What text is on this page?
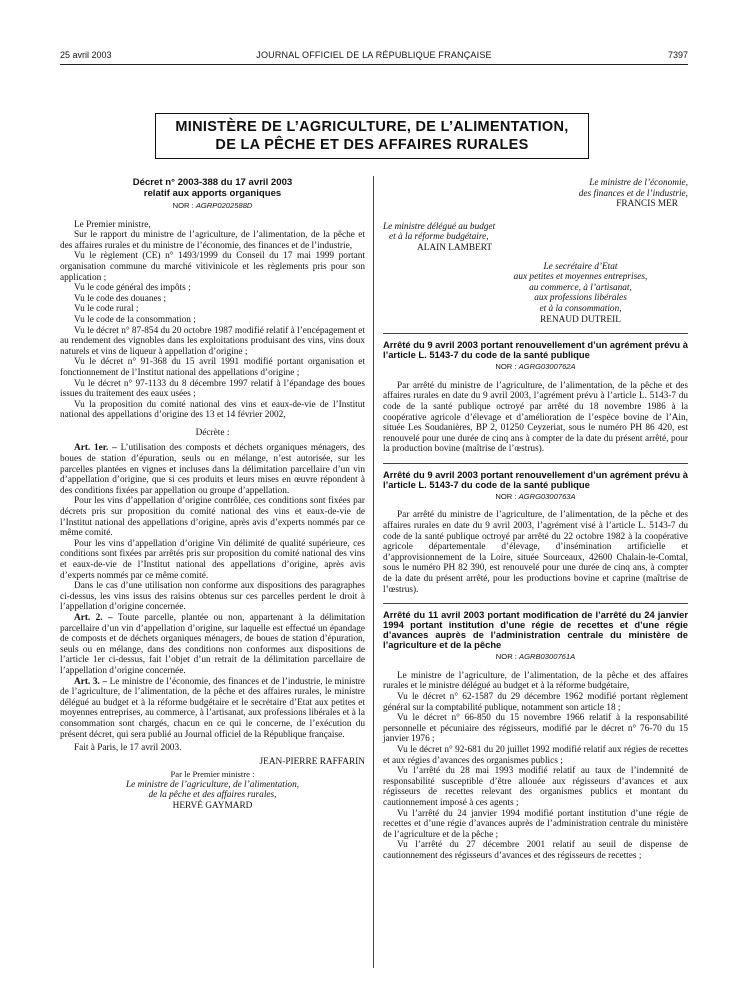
25 avril 2003	JOURNAL OFFICIEL DE LA RÉPUBLIQUE FRANÇAISE	7397
MINISTÈRE DE L’AGRICULTURE, DE L’ALIMENTATION,
DE LA PÊCHE ET DES AFFAIRES RURALES
Décret n° 2003-388 du 17 avril 2003
relatif aux apports organiques
NOR : AGRP0202588D

Le Premier ministre,

Sur le rapport du ministre de l’agriculture, de l’alimentation, de la pêche et des affaires rurales et du ministre de l’économie, des finances et de l’industrie,

Vu le règlement (CE) n° 1493/1999 du Conseil du 17 mai 1999 portant organisation commune du marché vitivinicole et les règlements pris pour son application ;

Vu le code général des impôts ;

Vu le code des douanes ;

Vu le code rural ;

Vu le code de la consommation ;

Vu le décret n° 87-854 du 20 octobre 1987 modifié relatif à l’encépagement et au rendement des vignobles dans les exploitations produisant des vins, vins doux naturels et vins de liqueur à appellation d’origine ;

Vu le décret n° 91-368 du 15 avril 1991 modifié portant organisation et fonctionnement de l’Institut national des appellations d’origine ;

Vu le décret n° 97-1133 du 8 décembre 1997 relatif à l’épandage des boues issues du traitement des eaux usées ;

Vu la proposition du comité national des vins et eaux-de-vie de l’Institut national des appellations d’origine des 13 et 14 février 2002,

Décrète :

Art. 1er. – L’utilisation des composts et déchets organiques ménagers, des boues de station d’épuration, seuls ou en mélange, n’est autorisée, sur les parcelles plantées en vignes et incluses dans la délimitation parcellaire d’un vin d’appellation d’origine, que si ces produits et leurs mises en œuvre répondent à des conditions fixées par appellation ou groupe d’appellation.

Pour les vins d’appellation d’origine contrôlée, ces conditions sont fixées par décrets pris sur proposition du comité national des vins et eaux-de-vie de l’Institut national des appellations d’origine, après avis d’experts nommés par ce même comité.

Pour les vins d’appellation d’origine Vin délimité de qualité supérieure, ces conditions sont fixées par arrêtés pris sur proposition du comité national des vins et eaux-de-vie de l’Institut national des appellations d’origine, après avis d’experts nommés par ce même comité.

Dans le cas d’une utilisation non conforme aux dispositions des paragraphes ci-dessus, les vins issus des raisins obtenus sur ces parcelles perdent le droit à l’appellation d’origine concernée.

Art. 2. – Toute parcelle, plantée ou non, appartenant à la délimitation parcellaire d’un vin d’appellation d’origine, sur laquelle est effectué un épandage de composts et de déchets organiques ménagers, de boues de station d’épuration, seuls ou en mélange, dans des conditions non conformes aux dispositions de l’article 1er ci-dessus, fait l’objet d’un retrait de la délimitation parcellaire de l’appellation d’origine concernée.

Art. 3. – Le ministre de l’économie, des finances et de l’industrie, le ministre de l’agriculture, de l’alimentation, de la pêche et des affaires rurales, le ministre délégué au budget et à la réforme budgétaire et le secrétaire d’Etat aux petites et moyennes entreprises, au commerce, à l’artisanat, aux professions libérales et à la consommation sont chargés, chacun en ce qui le concerne, de l’exécution du présent décret, qui sera publié au Journal officiel de la République française.

Fait à Paris, le 17 avril 2003.

JEAN-PIERRE RAFFARIN

Par le Premier ministre :

Le ministre de l’agriculture, de l’alimentation,

de la pêche et des affaires rurales,

HERVÉ GAYMARD

Le ministre de l’économie,

des finances et de l’industrie,

FRANCIS MER

Le ministre délégué au budget

et à la réforme budgétaire,

ALAIN LAMBERT

Le secrétaire d’Etat

aux petites et moyennes entreprises,

au commerce, à l’artisanat,

aux professions libérales

et à la consommation,

RENAUD DUTREIL

Arrêté du 9 avril 2003 portant renouvellement d’un agrément prévu à l’article L. 5143-7 du code de la santé publique
NOR : AGRG0300762A

Par arrêté du ministre de l’agriculture, de l’alimentation, de la pêche et des affaires rurales en date du 9 avril 2003, l’agrément prévu à l’article L. 5143-7 du code de la santé publique octroyé par arrêté du 18 novembre 1986 à la coopérative agricole d’élevage et d’amélioration de l’espèce bovine de l’Ain, située Les Soudanières, BP 2, 01250 Ceyzeriat, sous le numéro PH 86 420, est renouvelé pour une durée de cinq ans à compter de la date du présent arrêté, pour la production bovine (maîtrise de l’œstrus).

Arrêté du 9 avril 2003 portant renouvellement d’un agrément prévu à l’article L. 5143-7 du code de la santé publique
NOR : AGRG0300763A

Par arrêté du ministre de l’agriculture, de l’alimentation, de la pêche et des affaires rurales en date du 9 avril 2003, l’agrément visé à l’article L. 5143-7 du code de la santé publique octroyé par arrêté du 22 octobre 1982 à la coopérative agricole départementale d’élevage, d’insémination artificielle et d’approvisionnement de la Loire, située Sourceaux, 42600 Chalain-le-Comtal, sous le numéro PH 82 390, est renouvelé pour une durée de cinq ans, à compter de la date du présent arrêté, pour les productions bovine et caprine (maîtrise de l’œstrus).

Arrêté du 11 avril 2003 portant modification de l’arrêté du 24 janvier 1994 portant institution d’une régie de recettes et d’une régie d’avances auprès de l’administration centrale du ministère de l’agriculture et de la pêche
NOR : AGRB0300761A

Le ministre de l’agriculture, de l’alimentation, de la pêche et des affaires rurales et le ministre délégué au budget et à la réforme budgétaire,

Vu le décret n° 62-1587 du 29 décembre 1962 modifié portant règlement général sur la comptabilité publique, notamment son article 18 ;

Vu le décret n° 66-850 du 15 novembre 1966 relatif à la responsabilité personnelle et pécuniaire des régisseurs, modifié par le décret n° 76-70 du 15 janvier 1976 ;

Vu le décret n° 92-681 du 20 juillet 1992 modifié relatif aux régies de recettes et aux régies d’avances des organismes publics ;

Vu l’arrêté du 28 mai 1993 modifié relatif au taux de l’indemnité de responsabilité susceptible d’être allouée aux régisseurs d’avances et aux régisseurs de recettes relevant des organismes publics et montant du cautionnement imposé à ces agents ;

Vu l’arrêté du 24 janvier 1994 modifié portant institution d’une régie de recettes et d’une régie d’avances auprès de l’administration centrale du ministère de l’agriculture et de la pêche ;

Vu l’arrêté du 27 décembre 2001 relatif au seuil de dispense de cautionnement des régisseurs d’avances et des régisseurs de recettes ;
